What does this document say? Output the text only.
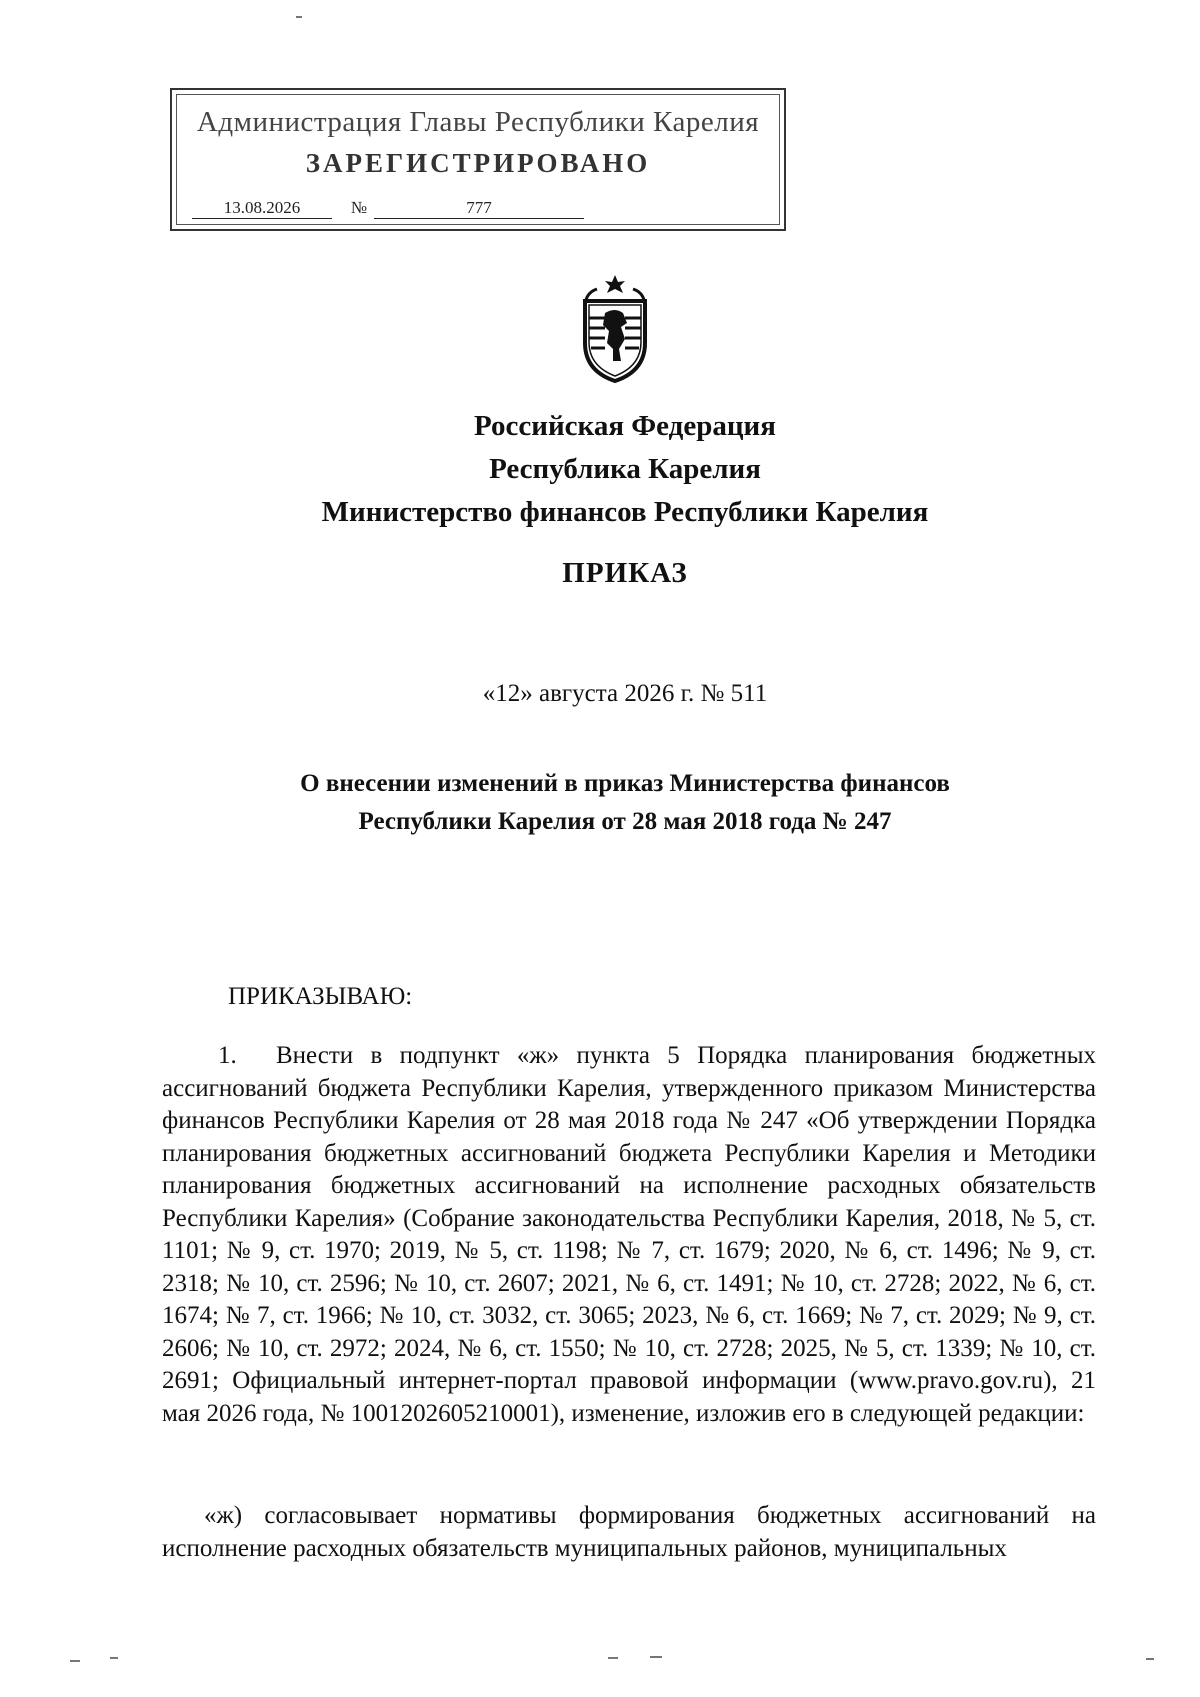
Администрация Главы Республики Карелия
ЗАРЕГИСТРИРОВАНО
13.08.2026	№	777
Российская Федерация
Республика Карелия
Министерство финансов Республики Карелия
ПРИКАЗ
«12» августа 2026 г. № 511
О внесении изменений в приказ Министерства финансов Республики Карелия от 28 мая 2018 года № 247
ПРИКАЗЫВАЮ:
1. Внести в подпункт «ж» пункта 5 Порядка планирования бюджетных ассигнований бюджета Республики Карелия, утвержденного приказом Министерства финансов Республики Карелия от 28 мая 2018 года № 247 «Об утверждении Порядка планирования бюджетных ассигнований бюджета Республики Карелия и Методики планирования бюджетных ассигнований на исполнение расходных обязательств Республики Карелия» (Собрание законодательства Республики Карелия, 2018, № 5, ст. 1101; № 9, ст. 1970; 2019, № 5, ст. 1198; № 7, ст. 1679; 2020, № 6, ст. 1496; № 9, ст. 2318; № 10, ст. 2596; № 10, ст. 2607; 2021, № 6, ст. 1491; № 10, ст. 2728; 2022, № 6, ст. 1674; № 7, ст. 1966; № 10, ст. 3032, ст. 3065; 2023, № 6, ст. 1669; № 7, ст. 2029; № 9, ст. 2606; № 10, ст. 2972; 2024, № 6, ст. 1550; № 10, ст. 2728; 2025, № 5, ст. 1339; № 10, ст. 2691; Официальный интернет-портал правовой информации (www.pravo.gov.ru), 21 мая 2026 года, № 1001202605210001), изменение, изложив его в следующей редакции:
«ж) согласовывает нормативы формирования бюджетных ассигнований на исполнение расходных обязательств муниципальных районов, муниципальных
